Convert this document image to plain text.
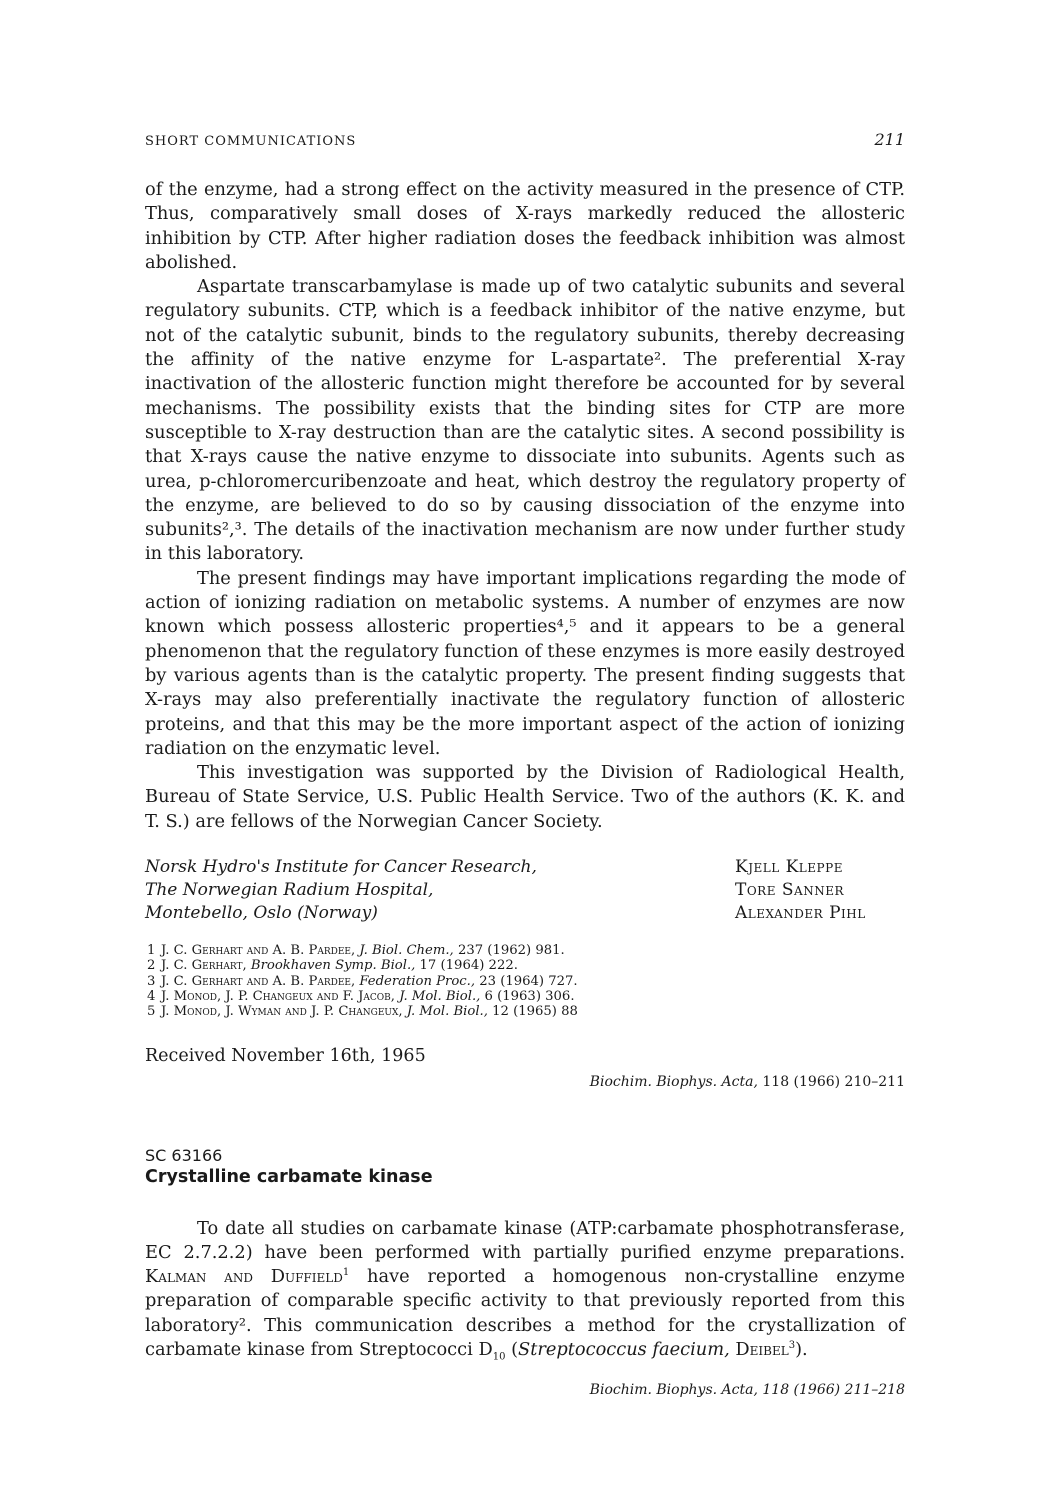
SHORT COMMUNICATIONS	211

of the enzyme, had a strong effect on the activity measured in the presence of CTP. Thus, comparatively small doses of X-rays markedly reduced the allosteric inhibition by CTP. After higher radiation doses the feedback inhibition was almost abolished.

Aspartate transcarbamylase is made up of two catalytic subunits and several regulatory subunits. CTP, which is a feedback inhibitor of the native enzyme, but not of the catalytic subunit, binds to the regulatory subunits, thereby decreasing the affinity of the native enzyme for L-aspartate². The preferential X-ray inactivation of the allosteric function might therefore be accounted for by several mechanisms. The possibility exists that the binding sites for CTP are more susceptible to X-ray destruction than are the catalytic sites. A second possibility is that X-rays cause the native enzyme to dissociate into subunits. Agents such as urea, p-chloromercuribenzoate and heat, which destroy the regulatory property of the enzyme, are believed to do so by causing dissociation of the enzyme into subunits²,³. The details of the inactivation mechanism are now under further study in this laboratory.

The present findings may have important implications regarding the mode of action of ionizing radiation on metabolic systems. A number of enzymes are now known which possess allosteric properties⁴,⁵ and it appears to be a general phenomenon that the regulatory function of these enzymes is more easily destroyed by various agents than is the catalytic property. The present finding suggests that X-rays may also preferentially inactivate the regulatory function of allosteric proteins, and that this may be the more important aspect of the action of ionizing radiation on the enzymatic level.

This investigation was supported by the Division of Radiological Health, Bureau of State Service, U.S. Public Health Service. Two of the authors (K. K. and T. S.) are fellows of the Norwegian Cancer Society.

Norsk Hydro's Institute for Cancer Research,
The Norwegian Radium Hospital,
Montebello, Oslo (Norway)
Kjell Kleppe
Tore Sanner
Alexander Pihl
1 J. C. Gerhart and A. B. Pardee, J. Biol. Chem., 237 (1962) 981.
2 J. C. Gerhart, Brookhaven Symp. Biol., 17 (1964) 222.
3 J. C. Gerhart and A. B. Pardee, Federation Proc., 23 (1964) 727.
4 J. Monod, J. P. Changeux and F. Jacob, J. Mol. Biol., 6 (1963) 306.
5 J. Monod, J. Wyman and J. P. Changeux, J. Mol. Biol., 12 (1965) 88
Received November 16th, 1965
Biochim. Biophys. Acta, 118 (1966) 210–211
SC 63166
Crystalline carbamate kinase

To date all studies on carbamate kinase (ATP:carbamate phosphotransferase, EC 2.7.2.2) have been performed with partially purified enzyme preparations. Kalman and Duffield$^1$ have reported a homogenous non-crystalline enzyme preparation of comparable specific activity to that previously reported from this laboratory². This communication describes a method for the crystallization of carbamate kinase from Streptococci $D_{10}$ (Streptococcus faecium, Deibel$^3$).

Biochim. Biophys. Acta, 118 (1966) 211–218
